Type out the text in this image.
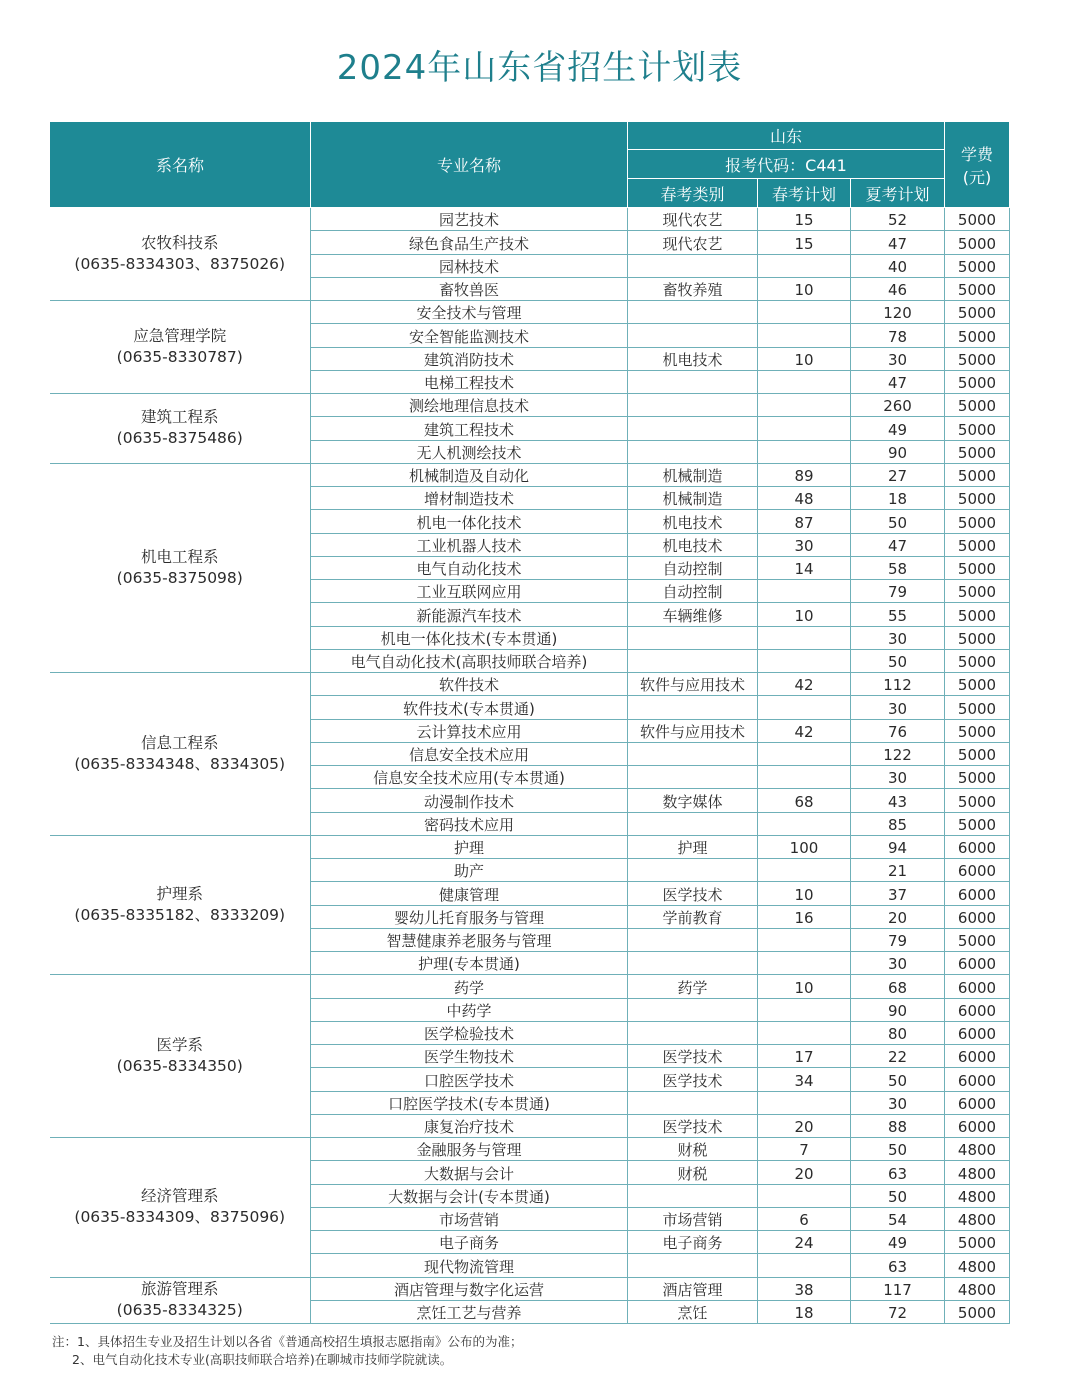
2024年山东省招生计划表
系名称	专业名称	山东			学费
(元)
		报考代码：C441			
		春考类别	春考计划	夏考计划	

农牧科技系
(0635-8334303、8375026)	园艺技术	现代农艺	15	52	5000
	绿色食品生产技术	现代农艺	15	47	5000
	园林技术			40	5000
	畜牧兽医	畜牧养殖	10	46	5000

应急管理学院
(0635-8330787)	安全技术与管理			120	5000
	安全智能监测技术			78	5000
	建筑消防技术	机电技术	10	30	5000
	电梯工程技术			47	5000

建筑工程系
(0635-8375486)	测绘地理信息技术			260	5000
	建筑工程技术			49	5000
	无人机测绘技术			90	5000

机电工程系
(0635-8375098)	机械制造及自动化	机械制造	89	27	5000
	增材制造技术	机械制造	48	18	5000
	机电一体化技术	机电技术	87	50	5000
	工业机器人技术	机电技术	30	47	5000
	电气自动化技术	自动控制	14	58	5000
	工业互联网应用	自动控制		79	5000
	新能源汽车技术	车辆维修	10	55	5000
	机电一体化技术(专本贯通)			30	5000
	电气自动化技术(高职技师联合培养)			50	5000

信息工程系
(0635-8334348、8334305)	软件技术	软件与应用技术	42	112	5000
	软件技术(专本贯通)			30	5000
	云计算技术应用	软件与应用技术	42	76	5000
	信息安全技术应用			122	5000
	信息安全技术应用(专本贯通)			30	5000
	动漫制作技术	数字媒体	68	43	5000
	密码技术应用			85	5000

护理系
(0635-8335182、8333209)	护理	护理	100	94	6000
	助产			21	6000
	健康管理	医学技术	10	37	6000
	婴幼儿托育服务与管理	学前教育	16	20	6000
	智慧健康养老服务与管理			79	5000
	护理(专本贯通)			30	6000

医学系
(0635-8334350)	药学	药学	10	68	6000
	中药学			90	6000
	医学检验技术			80	6000
	医学生物技术	医学技术	17	22	6000
	口腔医学技术	医学技术	34	50	6000
	口腔医学技术(专本贯通)			30	6000
	康复治疗技术	医学技术	20	88	6000

经济管理系
(0635-8334309、8375096)	金融服务与管理	财税	7	50	4800
	大数据与会计	财税	20	63	4800
	大数据与会计(专本贯通)			50	4800
	市场营销	市场营销	6	54	4800
	电子商务	电子商务	24	49	5000
	现代物流管理			63	4800

旅游管理系
(0635-8334325)	酒店管理与数字化运营	酒店管理	38	117	4800
	烹饪工艺与营养	烹饪	18	72	5000
注：1、具体招生专业及招生计划以各省《普通高校招生填报志愿指南》公布的为准；
2、电气自动化技术专业(高职技师联合培养)在聊城市技师学院就读。
